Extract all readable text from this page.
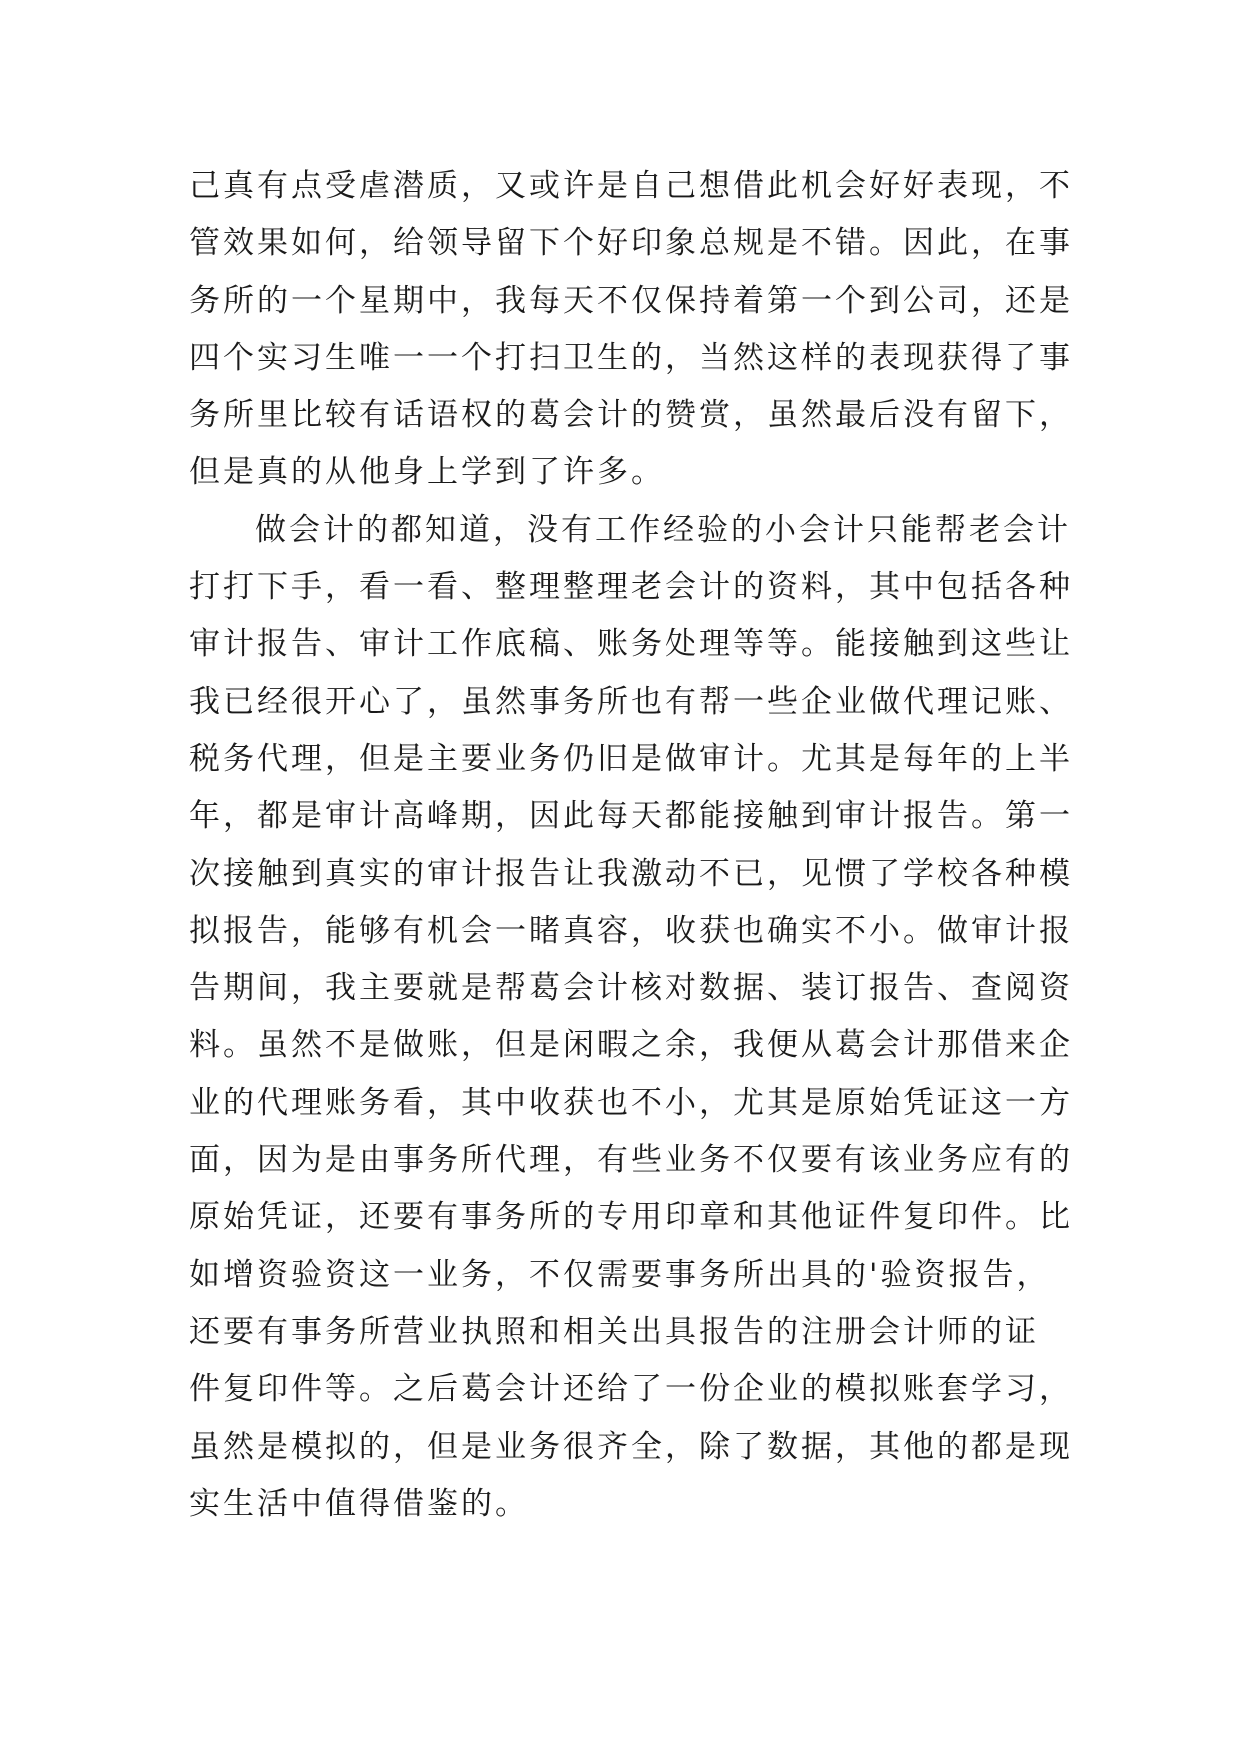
己真有点受虐潜质，又或许是自己想借此机会好好表现，不
管效果如何，给领导留下个好印象总规是不错。因此，在事
务所的一个星期中，我每天不仅保持着第一个到公司，还是
四个实习生唯一一个打扫卫生的，当然这样的表现获得了事
务所里比较有话语权的葛会计的赞赏，虽然最后没有留下，
但是真的从他身上学到了许多。
做会计的都知道，没有工作经验的小会计只能帮老会计
打打下手，看一看、整理整理老会计的资料，其中包括各种
审计报告、审计工作底稿、账务处理等等。能接触到这些让
我已经很开心了，虽然事务所也有帮一些企业做代理记账、
税务代理，但是主要业务仍旧是做审计。尤其是每年的上半
年，都是审计高峰期，因此每天都能接触到审计报告。第一
次接触到真实的审计报告让我激动不已，见惯了学校各种模
拟报告，能够有机会一睹真容，收获也确实不小。做审计报
告期间，我主要就是帮葛会计核对数据、装订报告、查阅资
料。虽然不是做账，但是闲暇之余，我便从葛会计那借来企
业的代理账务看，其中收获也不小，尤其是原始凭证这一方
面，因为是由事务所代理，有些业务不仅要有该业务应有的
原始凭证，还要有事务所的专用印章和其他证件复印件。比
如增资验资这一业务，不仅需要事务所出具的'验资报告，
还要有事务所营业执照和相关出具报告的注册会计师的证
件复印件等。之后葛会计还给了一份企业的模拟账套学习，
虽然是模拟的，但是业务很齐全，除了数据，其他的都是现
实生活中值得借鉴的。
